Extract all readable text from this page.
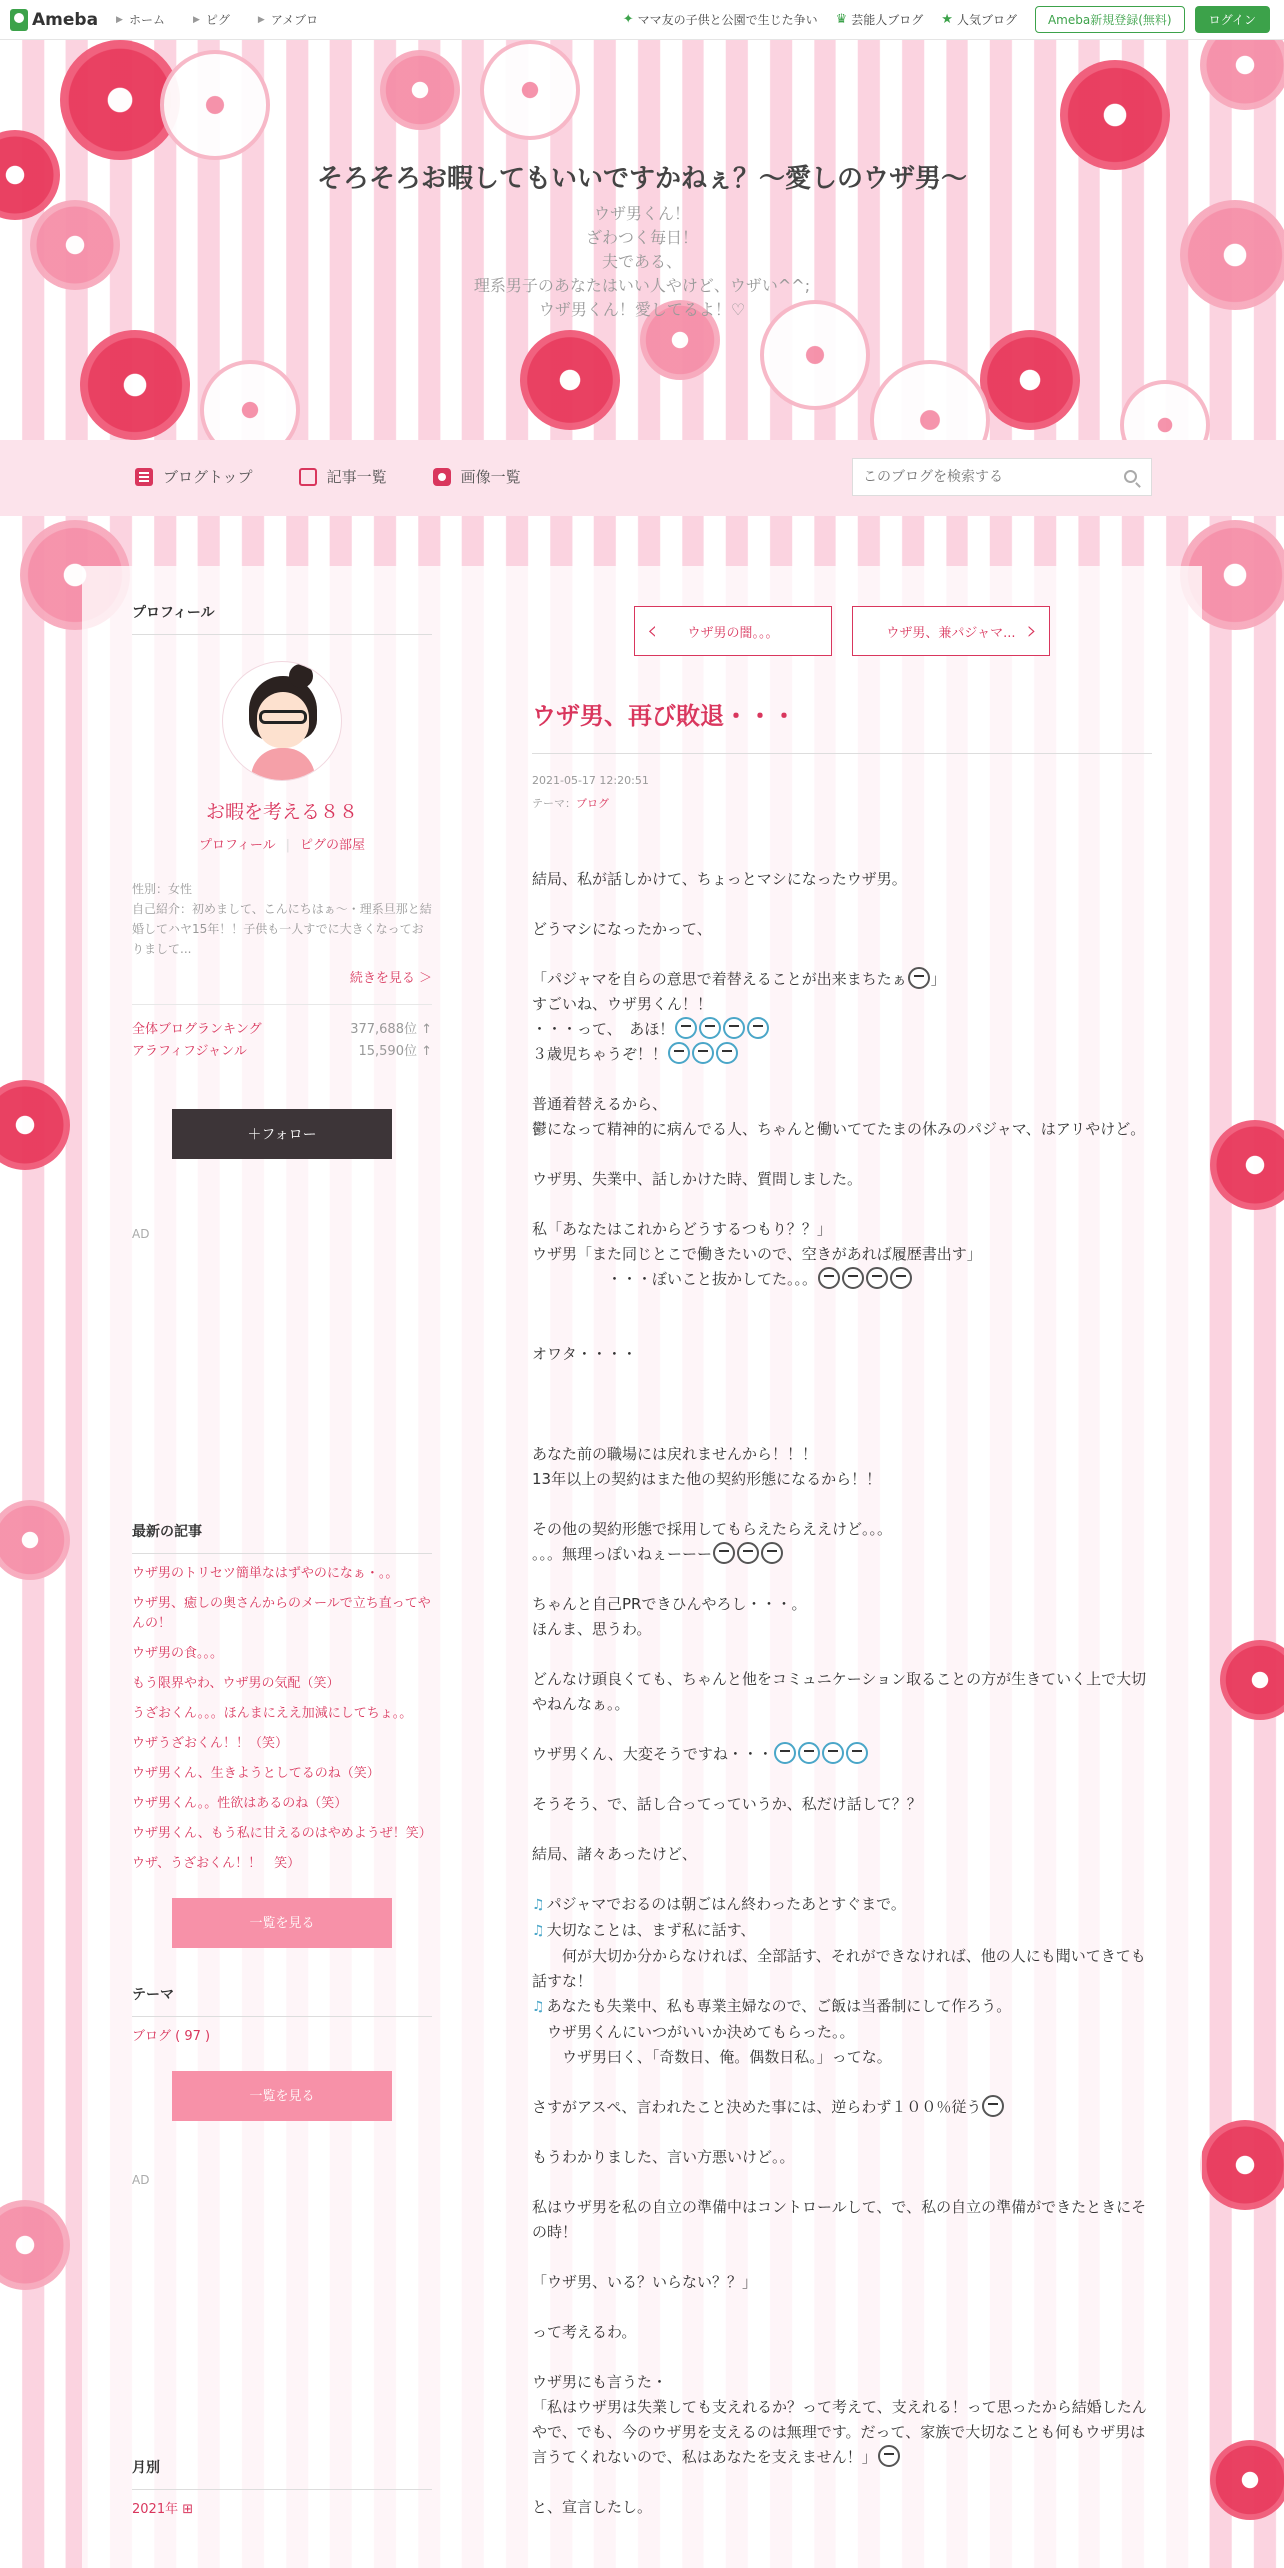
Ameba ▶ ホーム	▶ ピグ	▶ アメブロ	✦ ママ友の子供と公園で生じた争い ♛ 芸能人ブログ ★ 人気ブログ	Ameba新規登録(無料)	ログイン
そろそろお暇してもいいですかねぇ？〜愛しのウザ男〜
ウザ男くん！
ざわつく毎日！
夫である、
理系男子のあなたはいい人やけど、ウザい^^;
ウザ男くん！愛してるよ！♡
ブログトップ	記事一覧	画像一覧
このブログを検索する
プロフィール
お暇を考える８８
プロフィール | ピグの部屋
性別：女性
自己紹介：初めまして、こんにちはぁ〜・理系旦那と結婚してハヤ15年！！子供も一人すでに大きくなっておりまして...
続きを見る ＞
全体ブログランキング	377,688位 ↑
アラフィフジャンル	15,590位 ↑
＋フォロー
AD
最新の記事
ウザ男のトリセツ簡単なはずやのになぁ・。。
ウザ男、癒しの奥さんからのメールで立ち直ってやんの！
ウザ男の食。。。
もう限界やわ、ウザ男の気配（笑）
うざおくん。。。ほんまにええ加減にしてちょ。。
ウザうざおくん！！（笑）
ウザ男くん、生きようとしてるのね（笑）
ウザ男くん。。性欲はあるのね（笑）
ウザ男くん、もう私に甘えるのはやめようぜ！笑）
ウザ、うざおくん！！　笑）
一覧を見る
テーマ
ブログ ( 97 )
一覧を見る
AD
月別
2021年 ⊞
‹ ウザ男の闇。。。	ウザ男、兼パジャマ... ›
ウザ男、再び敗退・・・
2021-05-17 12:20:51
テーマ：ブログ

結局、私が話しかけて、ちょっとマシになったウザ男。

どうマシになったかって、

「パジャマを自らの意思で着替えることが出来まちたぁ 」

すごいね、ウザ男くん！！

・・・って、　あほ！

３歳児ちゃうぞ！！

普通着替えるから、

鬱になって精神的に病んでる人、ちゃんと働いててたまの休みのパジャマ、はアリやけど。

ウザ男、失業中、話しかけた時、質問しました。

私「あなたはこれからどうするつもり？？」

ウザ男「また同じとこで働きたいので、空きがあれば履歴書出す」

　　　　　・・・ぼいこと抜かしてた。。。

オワタ・・・・

あなた前の職場には戻れませんから！！！

13年以上の契約はまた他の契約形態になるから！！

その他の契約形態で採用してもらえたらええけど。。。

。。。無理っぽいねぇーーー

ちゃんと自己PRできひんやろし・・・。

ほんま、思うわ。

どんなけ頭良くても、ちゃんと他をコミュニケーション取ることの方が生きていく上で大切やねんなぁ。。

ウザ男くん、大変そうですね・・・

そうそう、で、話し合ってっていうか、私だけ話して？？

結局、諸々あったけど、

♫ パジャマでおるのは朝ごはん終わったあとすぐまで。

♫ 大切なことは、まず私に話す、

　　何が大切か分からなければ、全部話す、それができなければ、他の人にも聞いてきても話すな！

♫ あなたも失業中、私も専業主婦なので、ご飯は当番制にして作ろう。

　ウザ男くんにいつがいいか決めてもらった。。

　　ウザ男曰く、「奇数日、俺。偶数日私。」ってな。

さすがアスペ、言われたこと決めた事には、逆らわず１００％従う

もうわかりました、言い方悪いけど。。

私はウザ男を私の自立の準備中はコントロールして、で、私の自立の準備ができたときにその時！

「ウザ男、いる？いらない？？」

って考えるわ。

ウザ男にも言うた・

「私はウザ男は失業しても支えれるか？って考えて、支えれる！って思ったから結婚したんやで、でも、今のウザ男を支えるのは無理です。だって、家族で大切なことも何もウザ男は言うてくれないので、私はあなたを支えません！」

と、宣言したし。
